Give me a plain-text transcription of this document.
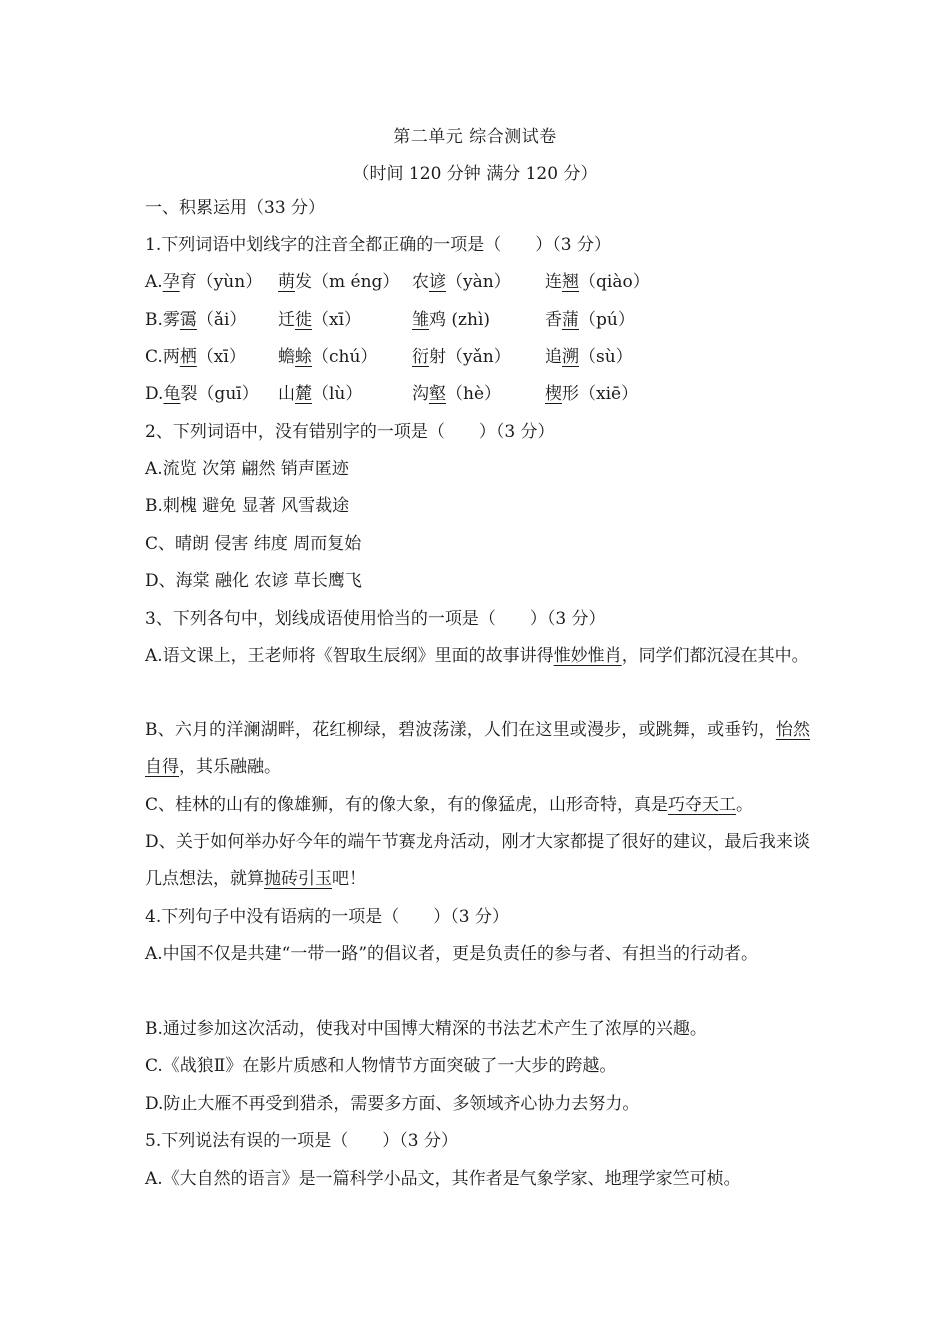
第二单元 综合测试卷
（时间 120 分钟 满分 120 分）
一、积累运用（33 分）
1.下列词语中划线字的注音全都正确的一项是（　　）（3 分）
A.孕育（yùn） 萌发（m éng） 农谚（yàn） 连翘（qiào）
B.雾霭（ǎi） 迁徙（xī）	雏鸡 (zhì)	香蒲（pú）
C.两栖（xī） 蟾蜍（chú） 衍射（yǎn） 追溯（sù）
D.龟裂（guī） 山麓（lù）	沟壑（hè）	楔形（xiē）
2、下列词语中，没有错别字的一项是（　　）（3 分）
A.流览 次第 翩然 销声匿迹
B.刺槐 避免 显著 风雪裁途
C、晴朗 侵害 纬度 周而复始
D、海棠 融化 农谚 草长鹰飞
3、下列各句中，划线成语使用恰当的一项是（　　）（3 分）
A.语文课上，王老师将《智取生辰纲》里面的故事讲得惟妙惟肖，同学们都沉浸在其中。
B、六月的洋澜湖畔，花红柳绿，碧波荡漾，人们在这里或漫步，或跳舞，或垂钓，怡然自得，其乐融融。
C、桂林的山有的像雄狮，有的像大象，有的像猛虎，山形奇特，真是巧夺天工。
D、关于如何举办好今年的端午节赛龙舟活动，刚才大家都提了很好的建议，最后我来谈几点想法，就算抛砖引玉吧！
4.下列句子中没有语病的一项是（　　）（3 分）
A.中国不仅是共建“一带一路”的倡议者，更是负责任的参与者、有担当的行动者。
B.通过参加这次活动，使我对中国博大精深的书法艺术产生了浓厚的兴趣。
C.《战狼Ⅱ》在影片质感和人物情节方面突破了一大步的跨越。
D.防止大雁不再受到猎杀，需要多方面、多领域齐心协力去努力。
5.下列说法有误的一项是（　　）（3 分）
A.《大自然的语言》是一篇科学小品文，其作者是气象学家、地理学家竺可桢。
